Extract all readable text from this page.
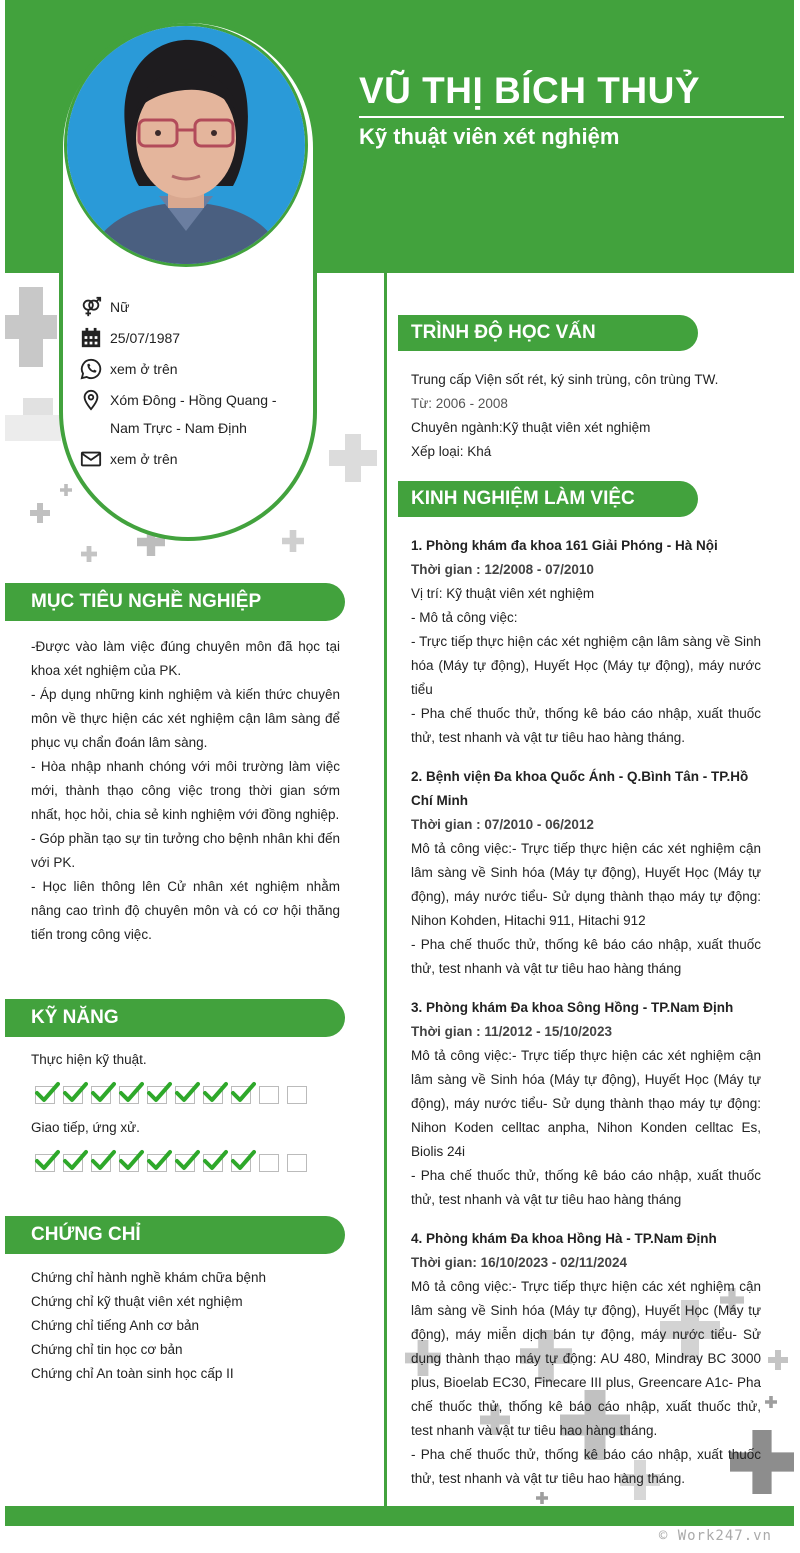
VŨ THỊ BÍCH THUỶ
Kỹ thuật viên xét nghiệm
Nữ
25/07/1987
xem ở trên
Xóm Đông - Hồng Quang - Nam Trực - Nam Định
xem ở trên
MỤC TIÊU NGHỀ NGHIỆP

-Được vào làm việc đúng chuyên môn đã học tại khoa xét nghiệm của PK.

- Áp dụng những kinh nghiệm và kiến thức chuyên môn về thực hiện các xét nghiệm cận lâm sàng để phục vụ chẩn đoán lâm sàng.

- Hòa nhập nhanh chóng với môi trường làm việc mới, thành thạo công việc trong thời gian sớm nhất, học hỏi, chia sẻ kinh nghiệm với đồng nghiệp.

- Góp phần tạo sự tin tưởng cho bệnh nhân khi đến với PK.

- Học liên thông lên Cử nhân xét nghiệm nhằm nâng cao trình độ chuyên môn và có cơ hội thăng tiến trong công việc.

KỸ NĂNG
Thực hiện kỹ thuật.
Giao tiếp, ứng xử.
CHỨNG CHỈ
Chứng chỉ hành nghề khám chữa bệnh
Chứng chỉ kỹ thuật viên xét nghiệm
Chứng chỉ tiếng Anh cơ bản
Chứng chỉ tin học cơ bản
Chứng chỉ An toàn sinh học cấp II
TRÌNH ĐỘ HỌC VẤN
Trung cấp Viện sốt rét, ký sinh trùng, côn trùng TW.
Từ: 2006 - 2008
Chuyên ngành:Kỹ thuật viên xét nghiệm
Xếp loại: Khá
KINH NGHIỆM LÀM VIỆC
1. Phòng khám đa khoa 161 Giải Phóng - Hà Nội
Thời gian : 12/2008 - 07/2010
Vị trí: Kỹ thuật viên xét nghiệm
- Mô tả công việc:
- Trực tiếp thực hiện các xét nghiệm cận lâm sàng về Sinh hóa (Máy tự động), Huyết Học (Máy tự động), máy nước tiểu
- Pha chế thuốc thử, thống kê báo cáo nhập, xuất thuốc thử, test nhanh và vật tư tiêu hao hàng tháng.
2. Bệnh viện Đa khoa Quốc Ánh - Q.Bình Tân - TP.Hồ Chí Minh
Thời gian : 07/2010 - 06/2012
Mô tả công việc:- Trực tiếp thực hiện các xét nghiệm cận lâm sàng về Sinh hóa (Máy tự động), Huyết Học (Máy tự động), máy nước tiểu- Sử dụng thành thạo máy tự động: Nihon Kohden, Hitachi 911, Hitachi 912
- Pha chế thuốc thử, thống kê báo cáo nhập, xuất thuốc thử, test nhanh và vật tư tiêu hao hàng tháng
3. Phòng khám Đa khoa Sông Hồng - TP.Nam Định
Thời gian : 11/2012 - 15/10/2023
Mô tả công việc:- Trực tiếp thực hiện các xét nghiệm cận lâm sàng về Sinh hóa (Máy tự động), Huyết Học (Máy tự động), máy nước tiểu- Sử dụng thành thạo máy tự động: Nihon Koden celltac anpha, Nihon Konden celltac Es, Biolis 24i
- Pha chế thuốc thử, thống kê báo cáo nhập, xuất thuốc thử, test nhanh và vật tư tiêu hao hàng tháng
4. Phòng khám Đa khoa Hồng Hà - TP.Nam Định
Thời gian: 16/10/2023 - 02/11/2024
Mô tả công việc:- Trực tiếp thực hiện các xét nghiệm cận lâm sàng về Sinh hóa (Máy tự động), Huyết Học (Máy tự động), máy miễn dịch bán tự động, máy nước tiểu- Sử dụng thành thạo máy tự động: AU 480, Mindray BC 3000 plus, Bioelab EC30, Finecare III plus, Greencare A1c- Pha chế thuốc thử, thống kê báo cáo nhập, xuất thuốc thử, test nhanh và vật tư tiêu hao hàng tháng.
- Pha chế thuốc thử, thống kê báo cáo nhập, xuất thuốc thử, test nhanh và vật tư tiêu hao hàng tháng.
© Work247.vn
